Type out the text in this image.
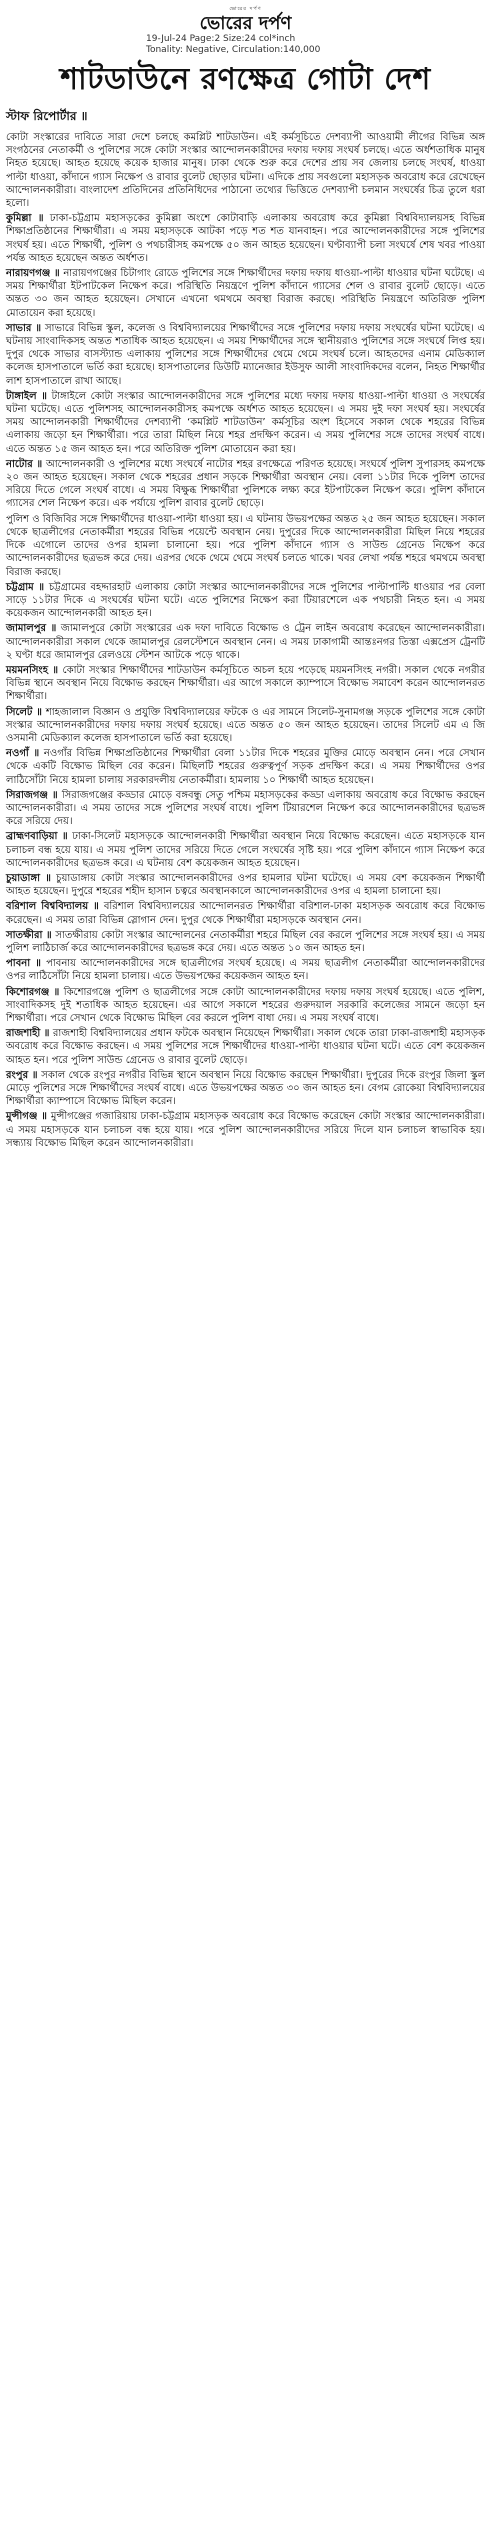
ভোরের দর্পণ
ভোরের দর্পণ
19-Jul-24 Page:2 Size:24 col*inch
Tonality: Negative, Circulation:140,000
শাটডাউনে রণক্ষেত্র গোটা দেশ
স্টাফ রিপোর্টার ॥

কোটা সংস্কারের দাবিতে সারা দেশে চলছে কমপ্লিট শাটডাউন। এই কর্মসূচিতে দেশব্যাপী আওয়ামী লীগের বিভিন্ন অঙ্গ সংগঠনের নেতাকর্মী ও পুলিশের সঙ্গে কোটা সংস্কার আন্দোলনকারীদের দফায় দফায় সংঘর্ষ চলছে। এতে অর্ধশতাধিক মানুষ নিহত হয়েছে। আহত হয়েছে কয়েক হাজার মানুষ। ঢাকা থেকে শুরু করে দেশের প্রায় সব জেলায় চলছে সংঘর্ষ, ধাওয়া পাল্টা ধাওয়া, কাঁদানে গ্যাস নিক্ষেপ ও রাবার বুলেট ছোড়ার ঘটনা। এদিকে প্রায় সবগুলো মহাসড়ক অবরোধ করে রেখেছেন আন্দোলনকারীরা। বাংলাদেশ প্রতিদিনের প্রতিনিধিদের পাঠানো তথ্যের ভিত্তিতে দেশব্যাপী চলমান সংঘর্ষের চিত্র তুলে ধরা হলো।

কুমিল্লা ॥ ঢাকা-চট্টগ্রাম মহাসড়কের কুমিল্লা অংশে কোটাবাড়ি এলাকায় অবরোধ করে কুমিল্লা বিশ্ববিদ্যালয়সহ বিভিন্ন শিক্ষাপ্রতিষ্ঠানের শিক্ষার্থীরা। এ সময় মহাসড়কে আটকা পড়ে শত শত যানবাহন। পরে আন্দোলনকারীদের সঙ্গে পুলিশের সংঘর্ষ হয়। এতে শিক্ষার্থী, পুলিশ ও পথচারীসহ কমপক্ষে ৫০ জন আহত হয়েছেন। ঘণ্টাব্যাপী চলা সংঘর্ষে শেষ খবর পাওয়া পর্যন্ত আহত হয়েছেন অন্তত অর্ধশত।

নারায়ণগঞ্জ ॥ নারায়ণগঞ্জের চিটাগাং রোডে পুলিশের সঙ্গে শিক্ষার্থীদের দফায় দফায় ধাওয়া-পাল্টা ধাওয়ার ঘটনা ঘটেছে। এ সময় শিক্ষার্থীরা ইটপাটকেল নিক্ষেপ করে। পরিস্থিতি নিয়ন্ত্রণে পুলিশ কাঁদানে গ্যাসের শেল ও রাবার বুলেট ছোড়ে। এতে অন্তত ৩০ জন আহত হয়েছেন। সেখানে এখনো থমথমে অবস্থা বিরাজ করছে। পরিস্থিতি নিয়ন্ত্রণে অতিরিক্ত পুলিশ মোতায়েন করা হয়েছে।

সাভার ॥ সাভারে বিভিন্ন স্কুল, কলেজ ও বিশ্ববিদ্যালয়ের শিক্ষার্থীদের সঙ্গে পুলিশের দফায় দফায় সংঘর্ষের ঘটনা ঘটেছে। এ ঘটনায় সাংবাদিকসহ অন্তত শতাধিক আহত হয়েছেন। এ সময় শিক্ষার্থীদের সঙ্গে স্থানীয়রাও পুলিশের সঙ্গে সংঘর্ষে লিপ্ত হয়। দুপুর থেকে সাভার বাসস্ট্যান্ড এলাকায় পুলিশের সঙ্গে শিক্ষার্থীদের থেমে থেমে সংঘর্ষ চলে। আহতদের এনাম মেডিক্যাল কলেজ হাসপাতালে ভর্তি করা হয়েছে। হাসপাতালের ডিউটি ম্যানেজার ইউসুফ আলী সাংবাদিকদের বলেন, নিহত শিক্ষার্থীর লাশ হাসপাতালে রাখা আছে।

টাঙ্গাইল ॥ টাঙ্গাইলে কোটা সংস্কার আন্দোলনকারীদের সঙ্গে পুলিশের মধ্যে দফায় দফায় ধাওয়া-পাল্টা ধাওয়া ও সংঘর্ষের ঘটনা ঘটেছে। এতে পুলিশসহ আন্দোলনকারীসহ কমপক্ষে অর্ধশত আহত হয়েছেন। এ সময় দুই দফা সংঘর্ষ হয়। সংঘর্ষের সময় আন্দোলনকারী শিক্ষার্থীদের দেশব্যাপী ‘কমপ্লিট শাটডাউন’ কর্মসূচির অংশ হিসেবে সকাল থেকে শহরের বিভিন্ন এলাকায় জড়ো হন শিক্ষার্থীরা। পরে তারা মিছিল নিয়ে শহর প্রদক্ষিণ করেন। এ সময় পুলিশের সঙ্গে তাদের সংঘর্ষ বাধে। এতে অন্তত ১৫ জন আহত হন। পরে অতিরিক্ত পুলিশ মোতায়েন করা হয়।

নাটোর ॥ আন্দোলনকারী ও পুলিশের মধ্যে সংঘর্ষে নাটোর শহর রণক্ষেত্রে পরিণত হয়েছে। সংঘর্ষে পুলিশ সুপারসহ কমপক্ষে ২০ জন আহত হয়েছেন। সকাল থেকে শহরের প্রধান সড়কে শিক্ষার্থীরা অবস্থান নেয়। বেলা ১১টার দিকে পুলিশ তাদের সরিয়ে দিতে গেলে সংঘর্ষ বাধে। এ সময় বিক্ষুব্ধ শিক্ষার্থীরা পুলিশকে লক্ষ্য করে ইটপাটকেল নিক্ষেপ করে। পুলিশ কাঁদানে গ্যাসের শেল নিক্ষেপ করে। এক পর্যায়ে পুলিশ রাবার বুলেট ছোড়ে।

পুলিশ ও বিজিবির সঙ্গে শিক্ষার্থীদের ধাওয়া-পাল্টা ধাওয়া হয়। এ ঘটনায় উভয়পক্ষের অন্তত ২৫ জন আহত হয়েছেন। সকাল থেকে ছাত্রলীগের নেতাকর্মীরা শহরের বিভিন্ন পয়েন্টে অবস্থান নেয়। দুপুরের দিকে আন্দোলনকারীরা মিছিল নিয়ে শহরের দিকে এগোলে তাদের ওপর হামলা চালানো হয়। পরে পুলিশ কাঁদানে গ্যাস ও সাউন্ড গ্রেনেড নিক্ষেপ করে আন্দোলনকারীদের ছত্রভঙ্গ করে দেয়। এরপর থেকে থেমে থেমে সংঘর্ষ চলতে থাকে। খবর লেখা পর্যন্ত শহরে থমথমে অবস্থা বিরাজ করছে।

চট্টগ্রাম ॥ চট্টগ্রামের বহদ্দারহাট এলাকায় কোটা সংস্কার আন্দোলনকারীদের সঙ্গে পুলিশের পাল্টাপাল্টি ধাওয়ার পর বেলা সাড়ে ১১টার দিকে এ সংঘর্ষের ঘটনা ঘটে। এতে পুলিশের নিক্ষেপ করা টিয়ারশেলে এক পথচারী নিহত হন। এ সময় কয়েকজন আন্দোলনকারী আহত হন।

জামালপুর ॥ জামালপুরে কোটা সংস্কারের এক দফা দাবিতে বিক্ষোভ ও ট্রেন লাইন অবরোধ করেছেন আন্দোলনকারীরা। আন্দোলনকারীরা সকাল থেকে জামালপুর রেলস্টেশনে অবস্থান নেন। এ সময় ঢাকাগামী আন্তঃনগর তিস্তা এক্সপ্রেস ট্রেনটি ২ ঘণ্টা ধরে জামালপুর রেলওয়ে স্টেশন আটকে পড়ে থাকে।

ময়মনসিংহ ॥ কোটা সংস্কার শিক্ষার্থীদের শাটডাউন কর্মসূচিতে অচল হয়ে পড়েছে ময়মনসিংহ নগরী। সকাল থেকে নগরীর বিভিন্ন স্থানে অবস্থান নিয়ে বিক্ষোভ করছেন শিক্ষার্থীরা। এর আগে সকালে ক্যাম্পাসে বিক্ষোভ সমাবেশ করেন আন্দোলনরত শিক্ষার্থীরা।

সিলেট ॥ শাহজালাল বিজ্ঞান ও প্রযুক্তি বিশ্ববিদ্যালয়ের ফটকে ও এর সামনে সিলেট-সুনামগঞ্জ সড়কে পুলিশের সঙ্গে কোটা সংস্কার আন্দোলনকারীদের দফায় দফায় সংঘর্ষ হয়েছে। এতে অন্তত ৫০ জন আহত হয়েছেন। তাদের সিলেট এম এ জি ওসমানী মেডিক্যাল কলেজ হাসপাতালে ভর্তি করা হয়েছে।

নওগাঁ ॥ নওগাঁর বিভিন্ন শিক্ষাপ্রতিষ্ঠানের শিক্ষার্থীরা বেলা ১১টার দিকে শহরের মুক্তির মোড়ে অবস্থান নেন। পরে সেখান থেকে একটি বিক্ষোভ মিছিল বের করেন। মিছিলটি শহরের গুরুত্বপূর্ণ সড়ক প্রদক্ষিণ করে। এ সময় শিক্ষার্থীদের ওপর লাঠিসোঁটা নিয়ে হামলা চালায় সরকারদলীয় নেতাকর্মীরা। হামলায় ১০ শিক্ষার্থী আহত হয়েছেন।

সিরাজগঞ্জ ॥ সিরাজগঞ্জের কড্ডার মোড়ে বঙ্গবন্ধু সেতু পশ্চিম মহাসড়কের কড্ডা এলাকায় অবরোধ করে বিক্ষোভ করছেন আন্দোলনকারীরা। এ সময় তাদের সঙ্গে পুলিশের সংঘর্ষ বাধে। পুলিশ টিয়ারশেল নিক্ষেপ করে আন্দোলনকারীদের ছত্রভঙ্গ করে সরিয়ে দেয়।

ব্রাহ্মণবাড়িয়া ॥ ঢাকা-সিলেট মহাসড়কে আন্দোলনকারী শিক্ষার্থীরা অবস্থান নিয়ে বিক্ষোভ করেছেন। এতে মহাসড়কে যান চলাচল বন্ধ হয়ে যায়। এ সময় পুলিশ তাদের সরিয়ে দিতে গেলে সংঘর্ষের সৃষ্টি হয়। পরে পুলিশ কাঁদানে গ্যাস নিক্ষেপ করে আন্দোলনকারীদের ছত্রভঙ্গ করে। এ ঘটনায় বেশ কয়েকজন আহত হয়েছেন।

চুয়াডাঙ্গা ॥ চুয়াডাঙ্গায় কোটা সংস্কার আন্দোলনকারীদের ওপর হামলার ঘটনা ঘটেছে। এ সময় বেশ কয়েকজন শিক্ষার্থী আহত হয়েছেন। দুপুরে শহরের শহীদ হাসান চত্বরে অবস্থানকালে আন্দোলনকারীদের ওপর এ হামলা চালানো হয়।

বরিশাল বিশ্ববিদ্যালয় ॥ বরিশাল বিশ্ববিদ্যালয়ের আন্দোলনরত শিক্ষার্থীরা বরিশাল-ঢাকা মহাসড়ক অবরোধ করে বিক্ষোভ করেছেন। এ সময় তারা বিভিন্ন স্লোগান দেন। দুপুর থেকে শিক্ষার্থীরা মহাসড়কে অবস্থান নেন।

সাতক্ষীরা ॥ সাতক্ষীরায় কোটা সংস্কার আন্দোলনের নেতাকর্মীরা শহরে মিছিল বের করলে পুলিশের সঙ্গে সংঘর্ষ হয়। এ সময় পুলিশ লাঠিচার্জ করে আন্দোলনকারীদের ছত্রভঙ্গ করে দেয়। এতে অন্তত ১০ জন আহত হন।

পাবনা ॥ পাবনায় আন্দোলনকারীদের সঙ্গে ছাত্রলীগের সংঘর্ষ হয়েছে। এ সময় ছাত্রলীগ নেতাকর্মীরা আন্দোলনকারীদের ওপর লাঠিসোঁটা নিয়ে হামলা চালায়। এতে উভয়পক্ষের কয়েকজন আহত হন।

কিশোরগঞ্জ ॥ কিশোরগঞ্জে পুলিশ ও ছাত্রলীগের সঙ্গে কোটা আন্দোলনকারীদের দফায় দফায় সংঘর্ষ হয়েছে। এতে পুলিশ, সাংবাদিকসহ দুই শতাধিক আহত হয়েছেন। এর আগে সকালে শহরের গুরুদয়াল সরকারি কলেজের সামনে জড়ো হন শিক্ষার্থীরা। পরে সেখান থেকে বিক্ষোভ মিছিল বের করলে পুলিশ বাধা দেয়। এ সময় সংঘর্ষ বাধে।

রাজশাহী ॥ রাজশাহী বিশ্ববিদ্যালয়ের প্রধান ফটকে অবস্থান নিয়েছেন শিক্ষার্থীরা। সকাল থেকে তারা ঢাকা-রাজশাহী মহাসড়ক অবরোধ করে বিক্ষোভ করছেন। এ সময় পুলিশের সঙ্গে শিক্ষার্থীদের ধাওয়া-পাল্টা ধাওয়ার ঘটনা ঘটে। এতে বেশ কয়েকজন আহত হন। পরে পুলিশ সাউন্ড গ্রেনেড ও রাবার বুলেট ছোড়ে।

রংপুর ॥ সকাল থেকে রংপুর নগরীর বিভিন্ন স্থানে অবস্থান নিয়ে বিক্ষোভ করছেন শিক্ষার্থীরা। দুপুরের দিকে রংপুর জিলা স্কুল মোড়ে পুলিশের সঙ্গে শিক্ষার্থীদের সংঘর্ষ বাধে। এতে উভয়পক্ষের অন্তত ৩০ জন আহত হন। বেগম রোকেয়া বিশ্ববিদ্যালয়ের শিক্ষার্থীরা ক্যাম্পাসে বিক্ষোভ মিছিল করেন।

মুন্সীগঞ্জ ॥ মুন্সীগঞ্জের গজারিয়ায় ঢাকা-চট্টগ্রাম মহাসড়ক অবরোধ করে বিক্ষোভ করেছেন কোটা সংস্কার আন্দোলনকারীরা। এ সময় মহাসড়কে যান চলাচল বন্ধ হয়ে যায়। পরে পুলিশ আন্দোলনকারীদের সরিয়ে দিলে যান চলাচল স্বাভাবিক হয়। সন্ধ্যায় বিক্ষোভ মিছিল করেন আন্দোলনকারীরা।
